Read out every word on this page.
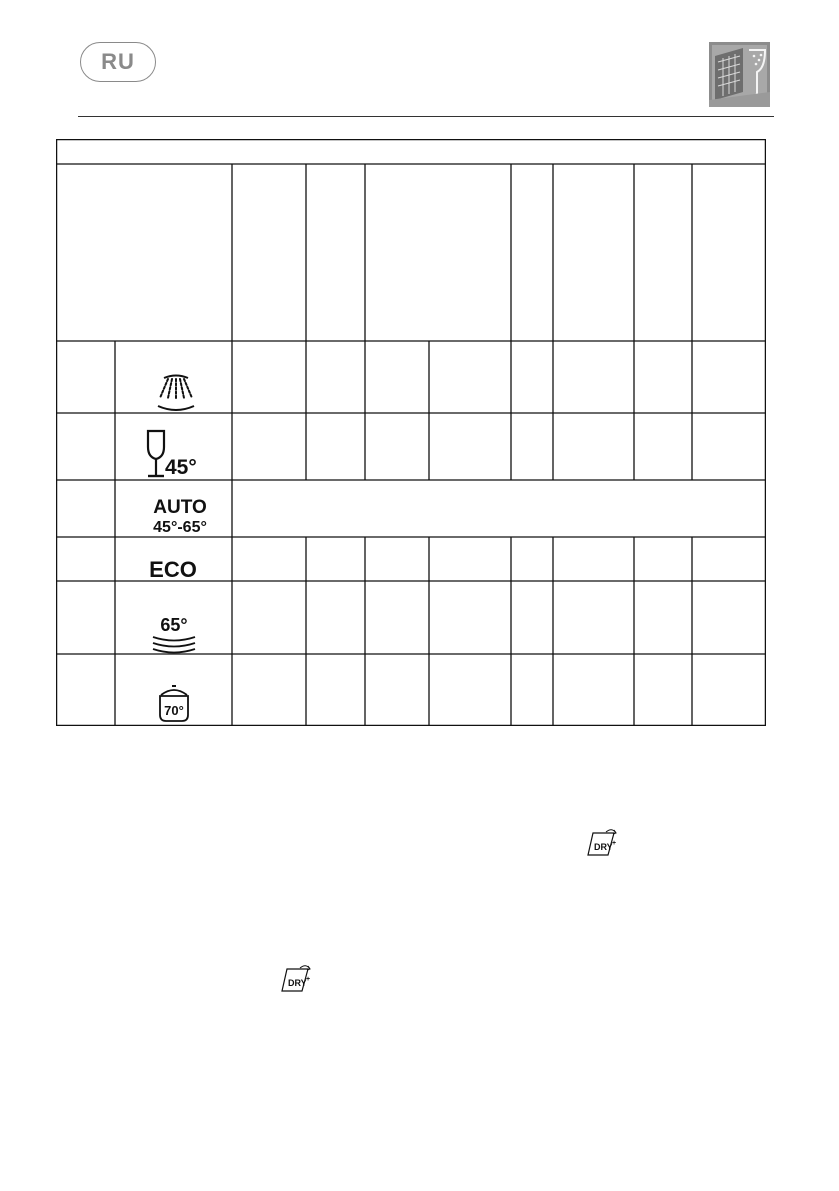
RU
45°
AUTO
45°-65°
ECO
65°
70°
DRY +
DRY +
